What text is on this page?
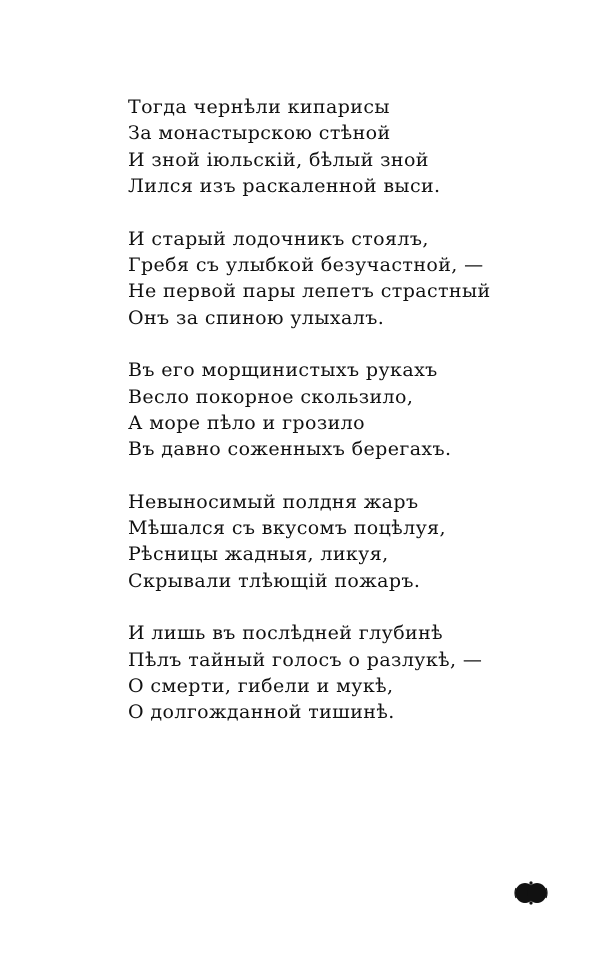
Тогда чернѣли кипарисы
За монастырскою стѣной
И зной іюльскій, бѣлый зной
Лился изъ раскаленной выси.
И старый лодочникъ стоялъ,
Гребя съ улыбкой безучастной, —
Не первой пары лепетъ страстный
Онъ за спиною улыхалъ.
Въ его морщинистыхъ рукахъ
Весло покорное скользило,
А море пѣло и грозило
Въ давно соженныхъ берегахъ.
Невыносимый полдня жаръ
Мѣшался съ вкусомъ поцѣлуя,
Рѣсницы жадныя, ликуя,
Скрывали тлѣющій пожаръ.
И лишь въ послѣдней глубинѣ
Пѣлъ тайный голосъ о разлукѣ, —
О смерти, гибели и мукѣ,
О долгожданной тишинѣ.
